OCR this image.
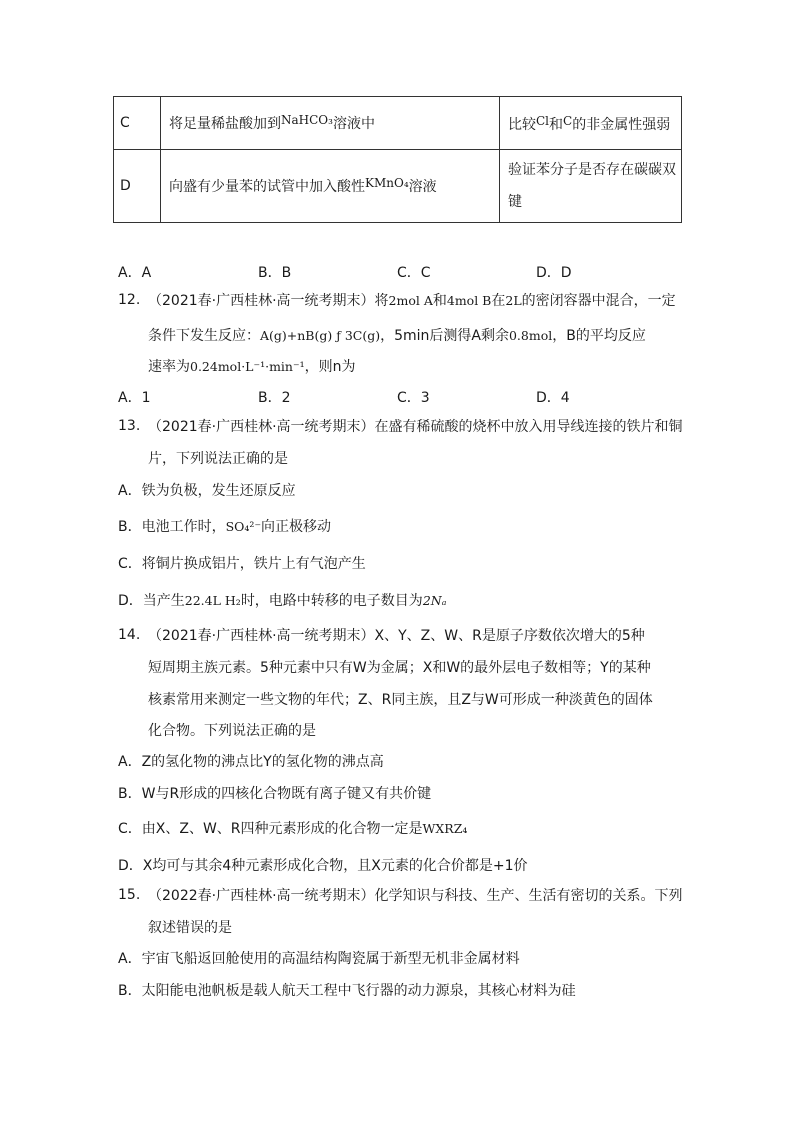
C	将足量稀盐酸加到NaHCO₃溶液中	比较Cl和C的非金属性强弱
D	向盛有少量苯的试管中加入酸性KMnO₄溶液	验证苯分子是否存在碳碳双
键
A．A	B．B	C．C	D．D
12. （2021春·广西桂林·高一统考期末）将2mol A和4mol B在2L的密闭容器中混合，一定
条件下发生反应：A(g)+nB(g) ƒ 3C(g)，5min后测得A剩余0.8mol，B的平均反应
速率为0.24mol·L⁻¹·min⁻¹，则n为
A．1	B．2	C．3	D．4
13. （2021春·广西桂林·高一统考期末）在盛有稀硫酸的烧杯中放入用导线连接的铁片和铜
片，下列说法正确的是
A．铁为负极，发生还原反应
B．电池工作时，SO₄²⁻向正极移动
C．将铜片换成铝片，铁片上有气泡产生
D．当产生22.4L H₂时，电路中转移的电子数目为2Nₐ
14. （2021春·广西桂林·高一统考期末）X、Y、Z、W、R是原子序数依次增大的5种
短周期主族元素。5种元素中只有W为金属；X和W的最外层电子数相等；Y的某种
核素常用来测定一些文物的年代；Z、R同主族，且Z与W可形成一种淡黄色的固体
化合物。下列说法正确的是
A．Z的氢化物的沸点比Y的氢化物的沸点高
B．W与R形成的四核化合物既有离子键又有共价键
C．由X、Z、W、R四种元素形成的化合物一定是WXRZ₄
D．X均可与其余4种元素形成化合物，且X元素的化合价都是+1价
15. （2022春·广西桂林·高一统考期末）化学知识与科技、生产、生活有密切的关系。下列
叙述错误的是
A．宇宙飞船返回舱使用的高温结构陶瓷属于新型无机非金属材料
B．太阳能电池帆板是载人航天工程中飞行器的动力源泉，其核心材料为硅
